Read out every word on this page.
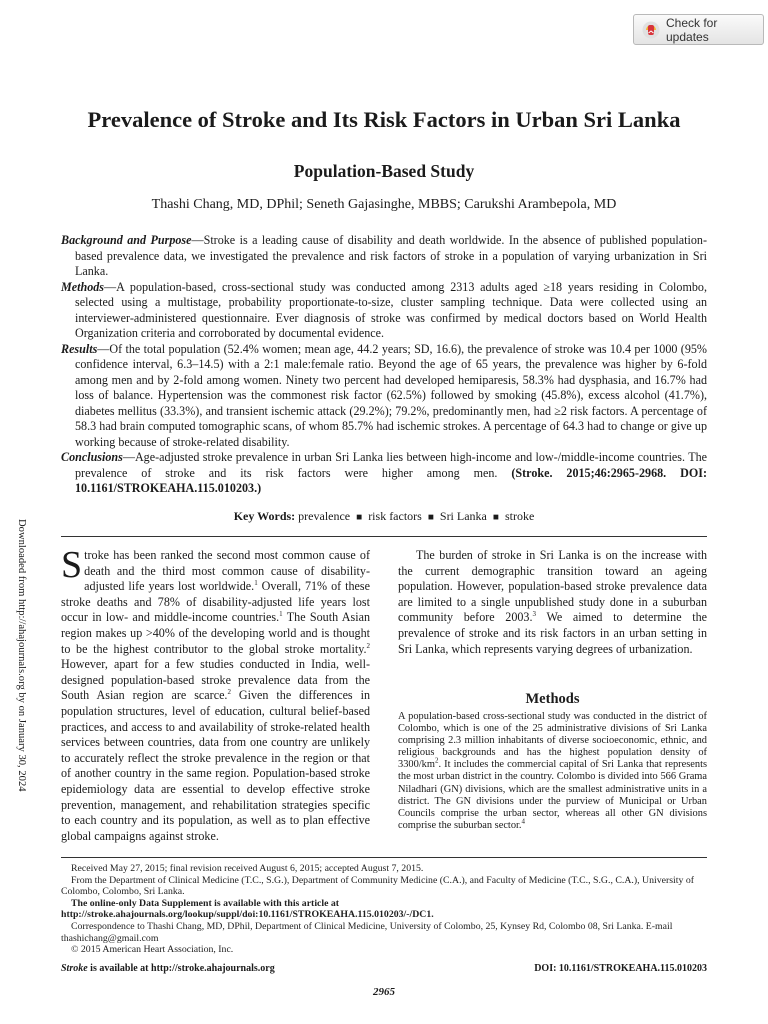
Check for updates
Prevalence of Stroke and Its Risk Factors in Urban Sri Lanka
Population-Based Study
Thashi Chang, MD, DPhil; Seneth Gajasinghe, MBBS; Carukshi Arambepola, MD

Background and Purpose—Stroke is a leading cause of disability and death worldwide. In the absence of published population-based prevalence data, we investigated the prevalence and risk factors of stroke in a population of varying urbanization in Sri Lanka.

Methods—A population-based, cross-sectional study was conducted among 2313 adults aged ≥18 years residing in Colombo, selected using a multistage, probability proportionate-to-size, cluster sampling technique. Data were collected using an interviewer-administered questionnaire. Ever diagnosis of stroke was confirmed by medical doctors based on World Health Organization criteria and corroborated by documental evidence.

Results—Of the total population (52.4% women; mean age, 44.2 years; SD, 16.6), the prevalence of stroke was 10.4 per 1000 (95% confidence interval, 6.3–14.5) with a 2:1 male:female ratio. Beyond the age of 65 years, the prevalence was higher by 6-fold among men and by 2-fold among women. Ninety two percent had developed hemiparesis, 58.3% had dysphasia, and 16.7% had loss of balance. Hypertension was the commonest risk factor (62.5%) followed by smoking (45.8%), excess alcohol (41.7%), diabetes mellitus (33.3%), and transient ischemic attack (29.2%); 79.2%, predominantly men, had ≥2 risk factors. A percentage of 58.3 had brain computed tomographic scans, of whom 85.7% had ischemic strokes. A percentage of 64.3 had to change or give up working because of stroke-related disability.

Conclusions—Age-adjusted stroke prevalence in urban Sri Lanka lies between high-income and low-/middle-income countries. The prevalence of stroke and its risk factors were higher among men. (Stroke. 2015;46:2965-2968. DOI: 10.1161/STROKEAHA.115.010203.)

Key Words: prevalence ■ risk factors ■ Sri Lanka ■ stroke
Downloaded from http://ahajournals.org by on January 30, 2024 Stroke has been ranked the second most common cause of death and the third most common cause of disability-adjusted life years lost worldwide.$^1$ Overall, 71% of these stroke deaths and 78% of disability-adjusted life years lost occur in low- and middle-income countries.$^1$ The South Asian region makes up >40% of the developing world and is thought to be the highest contributor to the global stroke mortality.$^2$ However, apart for a few studies conducted in India, well-designed population-based stroke prevalence data from the South Asian region are scarce.$^2$ Given the differences in population structures, level of education, cultural belief-based practices, and access to and availability of stroke-related health services between countries, data from one country are unlikely to accurately reflect the stroke prevalence in the region or that of another country in the same region. Population-based stroke epidemiology data are essential to develop effective stroke prevention, management, and rehabilitation strategies specific to each country and its population, as well as to plan effective global campaigns against stroke.

The burden of stroke in Sri Lanka is on the increase with the current demographic transition toward an ageing population. However, population-based stroke prevalence data are limited to a single unpublished study done in a suburban community before 2003.$^3$ We aimed to determine the prevalence of stroke and its risk factors in an urban setting in Sri Lanka, which represents varying degrees of urbanization.

Methods

A population-based cross-sectional study was conducted in the district of Colombo, which is one of the 25 administrative divisions of Sri Lanka comprising 2.3 million inhabitants of diverse socioeconomic, ethnic, and religious backgrounds and has the highest population density of $3300/km^2$. It includes the commercial capital of Sri Lanka that represents the most urban district in the country. Colombo is divided into 566 Grama Niladhari (GN) divisions, which are the smallest administrative units in a district. The GN divisions under the purview of Municipal or Urban Councils comprise the urban sector, whereas all other GN divisions comprise the suburban sector.$^4$

Received May 27, 2015; final revision received August 6, 2015; accepted August 7, 2015.

From the Department of Clinical Medicine (T.C., S.G.), Department of Community Medicine (C.A.), and Faculty of Medicine (T.C., S.G., C.A.), University of Colombo, Colombo, Sri Lanka.

The online-only Data Supplement is available with this article at http://stroke.ahajournals.org/lookup/suppl/doi:10.1161/STROKEAHA.115.010203/-/DC1.

Correspondence to Thashi Chang, MD, DPhil, Department of Clinical Medicine, University of Colombo, 25, Kynsey Rd, Colombo 08, Sri Lanka. E-mail thashichang@gmail.com

© 2015 American Heart Association, Inc.

Stroke is available at http://stroke.ahajournals.org	DOI: 10.1161/STROKEAHA.115.010203
2965
